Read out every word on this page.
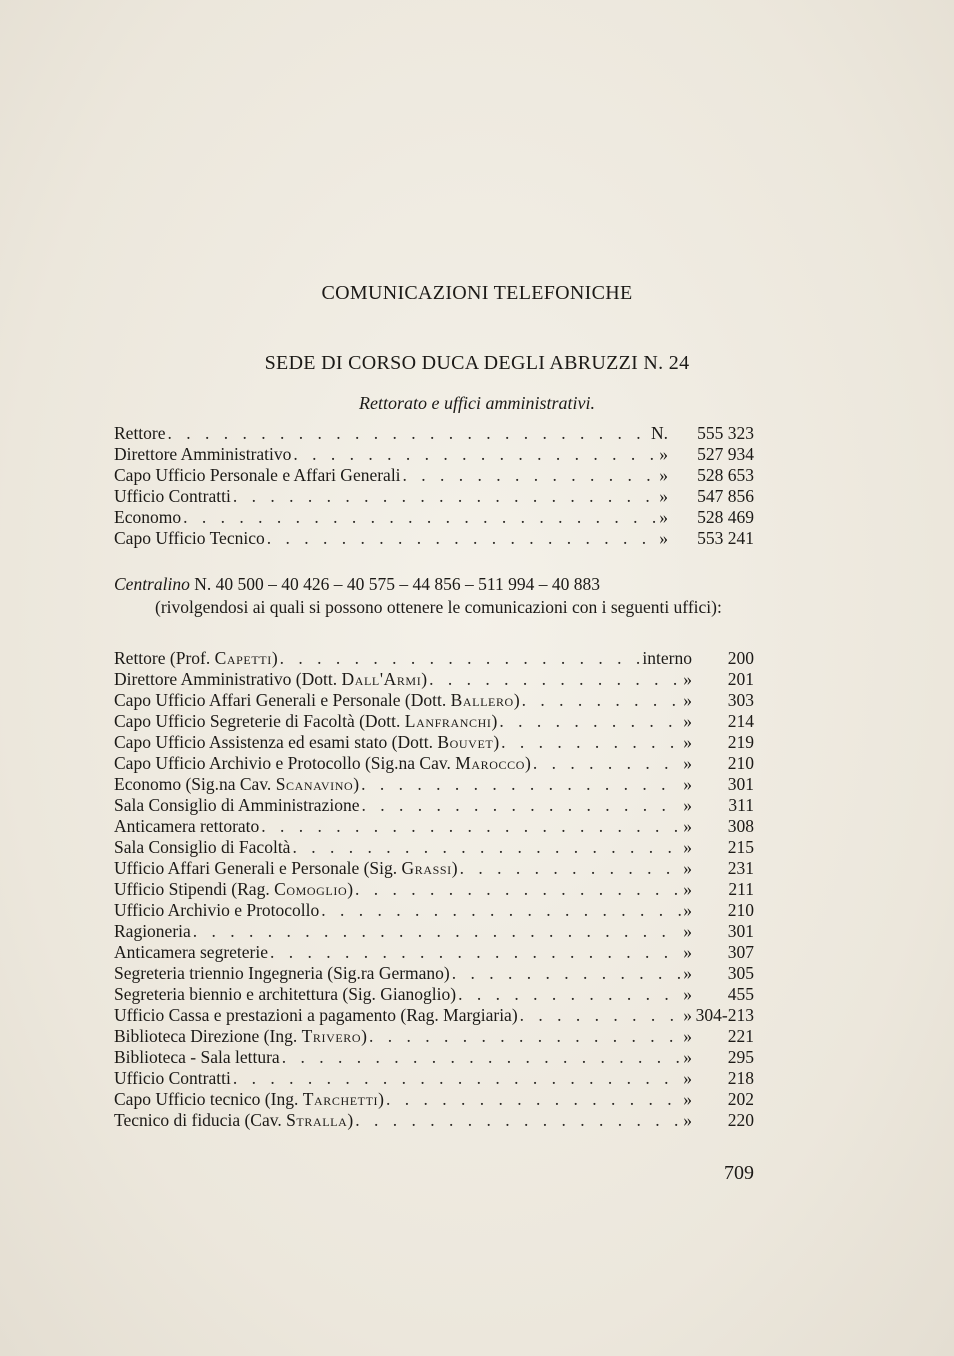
COMUNICAZIONI TELEFONICHE
SEDE DI CORSO DUCA DEGLI ABRUZZI N. 24
Rettorato e uffici amministrativi.
Rettore . . .	N.	555 323
Direttore Amministrativo . . .	»	527 934
Capo Ufficio Personale e Affari Generali . . .	»	528 653
Ufficio Contratti . . .	»	547 856
Economo . . .	»	528 469
Capo Ufficio Tecnico . . .	»	553 241
Centralino N. 40 500 – 40 426 – 40 575 – 44 856 – 511 994 – 40 883
(rivolgendosi ai quali si possono ottenere le comunicazioni con i seguenti uffici):
Rettore (Prof. Capetti) . . .	interno	200
Direttore Amministrativo (Dott. Dall'Armi) . . .	»	201
Capo Ufficio Affari Generali e Personale (Dott. Ballero) . . .	»	303
Capo Ufficio Segreterie di Facoltà (Dott. Lanfranchi) . . .	»	214
Capo Ufficio Assistenza ed esami stato (Dott. Bouvet) . . .	»	219
Capo Ufficio Archivio e Protocollo (Sig.na Cav. Marocco) . . .	»	210
Economo (Sig.na Cav. Scanavino) . . .	»	301
Sala Consiglio di Amministrazione . . .	»	311
Anticamera rettorato . . .	»	308
Sala Consiglio di Facoltà . . .	»	215
Ufficio Affari Generali e Personale (Sig. Grassi) . . .	»	231
Ufficio Stipendi (Rag. Comoglio) . . .	»	211
Ufficio Archivio e Protocollo . . .	»	210
Ragioneria . . .	»	301
Anticamera segreterie . . .	»	307
Segreteria triennio Ingegneria (Sig.ra Germano) . . .	»	305
Segreteria biennio e architettura (Sig. Gianoglio) . . .	»	455
Ufficio Cassa e prestazioni a pagamento (Rag. Margiaria) . . .	» 304-213
Biblioteca Direzione (Ing. Trivero) . . .	»	221
Biblioteca - Sala lettura . . .	»	295
Ufficio Contratti . . .	»	218
Capo Ufficio tecnico (Ing. Tarchetti) . . .	»	202
Tecnico di fiducia (Cav. Stralla) . . .	»	220
709
